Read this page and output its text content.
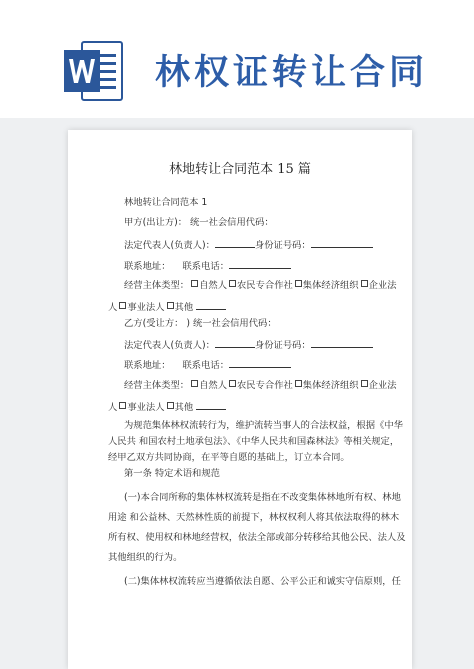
林权证转让合同
林地转让合同范本 15 篇
林地转让合同范本 1
甲方(出让方)： 统一社会信用代码：
法定代表人(负责人)：	身份证号码：
联系地址： 联系电话：
经营主体类型： 自然人 农民专合作社 集体经济组织 企业法
人 事业法人 其他
乙方(受让方： ) 统一社会信用代码：
法定代表人(负责人)：	身份证号码：
联系地址： 联系电话：
经营主体类型： 自然人 农民专合作社 集体经济组织 企业法
人 事业法人 其他
为规范集体林权流转行为，维护流转当事人的合法权益，根据《中华
人民共 和国农村土地承包法》、《中华人民共和国森林法》等相关规定，
经甲乙双方共同协商，在平等自愿的基础上，订立本合同。
第一条 特定术语和规范
(一)本合同所称的集体林权流转是指在不改变集体林地所有权、林地
用途 和公益林、天然林性质的前提下，林权权利人将其依法取得的林木
所有权、使用权和林地经营权，依法全部或部分转移给其他公民、法人及
其他组织的行为。
(二)集体林权流转应当遵循依法自愿、公平公正和诚实守信原则，任
